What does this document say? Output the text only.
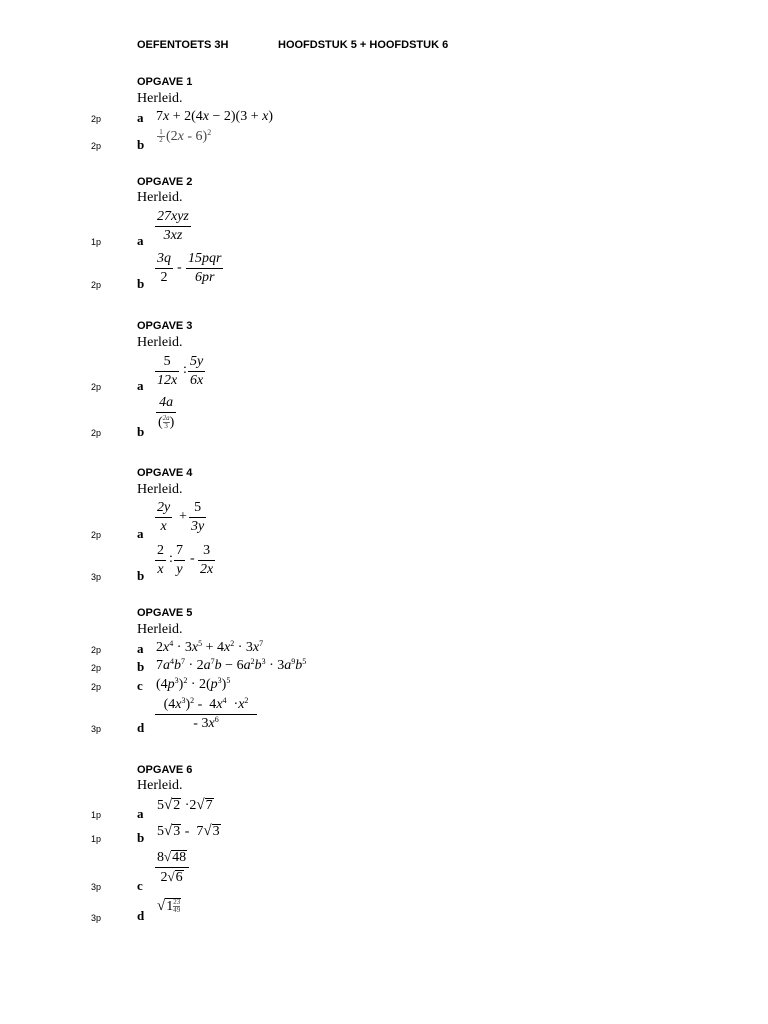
OEFENTOETS 3H	HOOFDSTUK 5 + HOOFDSTUK 6
OPGAVE 1
Herleid.
2p	a 7x + 2(4x − 2)(3 + x)
2p	b
1
2 (2x - 6)$^2$
OPGAVE 2
Herleid.
1p	a
27xyz
3xz
2p	b $\frac{3q}{2}$ -
15pqr
6pr
OPGAVE 3
Herleid.
2p	a $\frac{5}{12x}$ : $\frac{5y}{6x}$
2p	b $\frac{4a}{( \frac{2a}{3} )}$
OPGAVE 4
Herleid.
2p	a $\frac{2y}{x} + \frac{5}{3y}$
3p	b $\frac{2}{x}$ : $\frac{7}{y} - \frac{3}{2x}$
OPGAVE 5
Herleid.
2p	a $2x^4 \cdot 3x^5 + 4x^2 \cdot 3x^7$
2p	b $7a^4b^7 \cdot 2a^7b - 6a^2b^3 \cdot 3a^9b^5$
2p	c $(4p^3)^2 \cdot 2(p^3)^5$
3p	d $\frac{(4x^3)^2 - 4x^4 \cdot x^2}{- 3x^6}$
OPGAVE 6
Herleid.
1p	a
5√2 ·2√7
1p	b 5√3 -  7√3
3p	c $\frac{8√48}{2√6}$
3p	d
$√1 \frac{23}{49}$
